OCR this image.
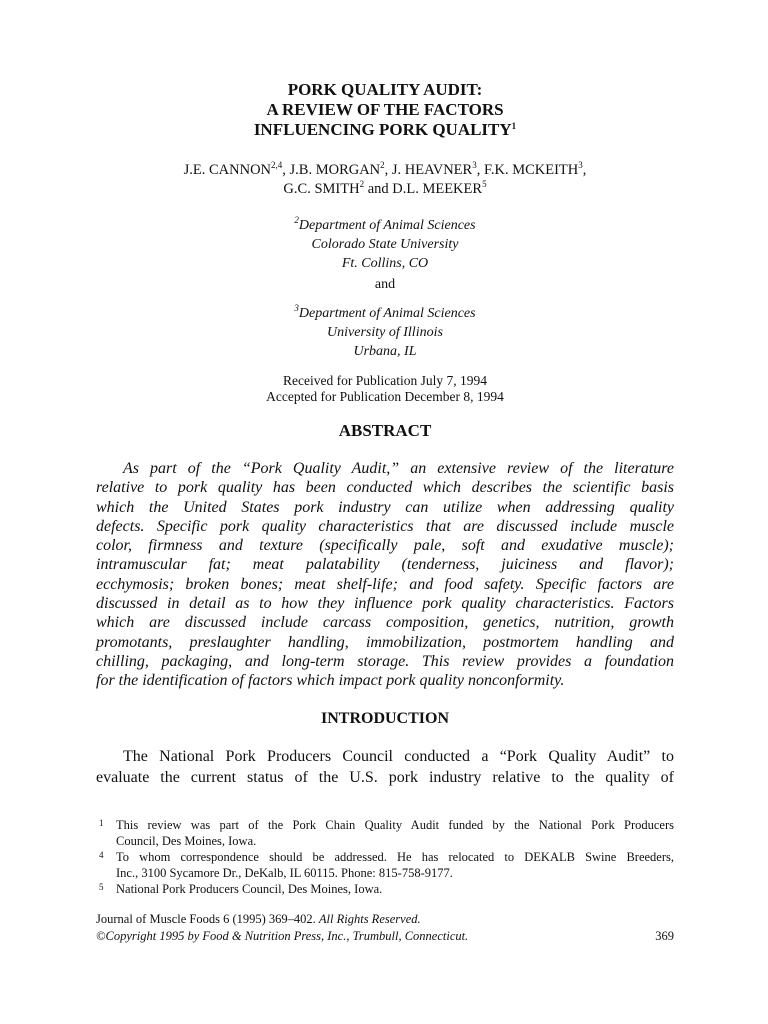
PORK QUALITY AUDIT:
A REVIEW OF THE FACTORS
INFLUENCING PORK QUALITY$^1$
J.E. CANNON$^{2,4}$, J.B. MORGAN$^2$, J. HEAVNER$^3$, F.K. MCKEITH$^3$,
G.C. SMITH$^2$ and D.L. MEEKER$^5$
$^2$Department of Animal Sciences
Colorado State University
Ft. Collins, CO
and
$^3$Department of Animal Sciences
University of Illinois
Urbana, IL
Received for Publication July 7, 1994
Accepted for Publication December 8, 1994
ABSTRACT
As part of the “Pork Quality Audit,” an extensive review of the literature
relative to pork quality has been conducted which describes the scientific basis
which the United States pork industry can utilize when addressing quality
defects. Specific pork quality characteristics that are discussed include muscle
color, firmness and texture (specifically pale, soft and exudative muscle);
intramuscular fat; meat palatability (tenderness, juiciness and flavor);
ecchymosis; broken bones; meat shelf-life; and food safety. Specific factors are
discussed in detail as to how they influence pork quality characteristics. Factors
which are discussed include carcass composition, genetics, nutrition, growth
promotants, preslaughter handling, immobilization, postmortem handling and
chilling, packaging, and long-term storage. This review provides a foundation
for the identification of factors which impact pork quality nonconformity.
INTRODUCTION
The National Pork Producers Council conducted a “Pork Quality Audit” to
evaluate the current status of the U.S. pork industry relative to the quality of
1 This review was part of the Pork Chain Quality Audit funded by the National Pork Producers
Council, Des Moines, Iowa.
4 To whom correspondence should be addressed. He has relocated to DEKALB Swine Breeders,
Inc., 3100 Sycamore Dr., DeKalb, IL 60115. Phone: 815-758-9177.
5 National Pork Producers Council, Des Moines, Iowa.
Journal of Muscle Foods 6 (1995) 369–402. All Rights Reserved.
©Copyright 1995 by Food & Nutrition Press, Inc., Trumbull, Connecticut.	369
